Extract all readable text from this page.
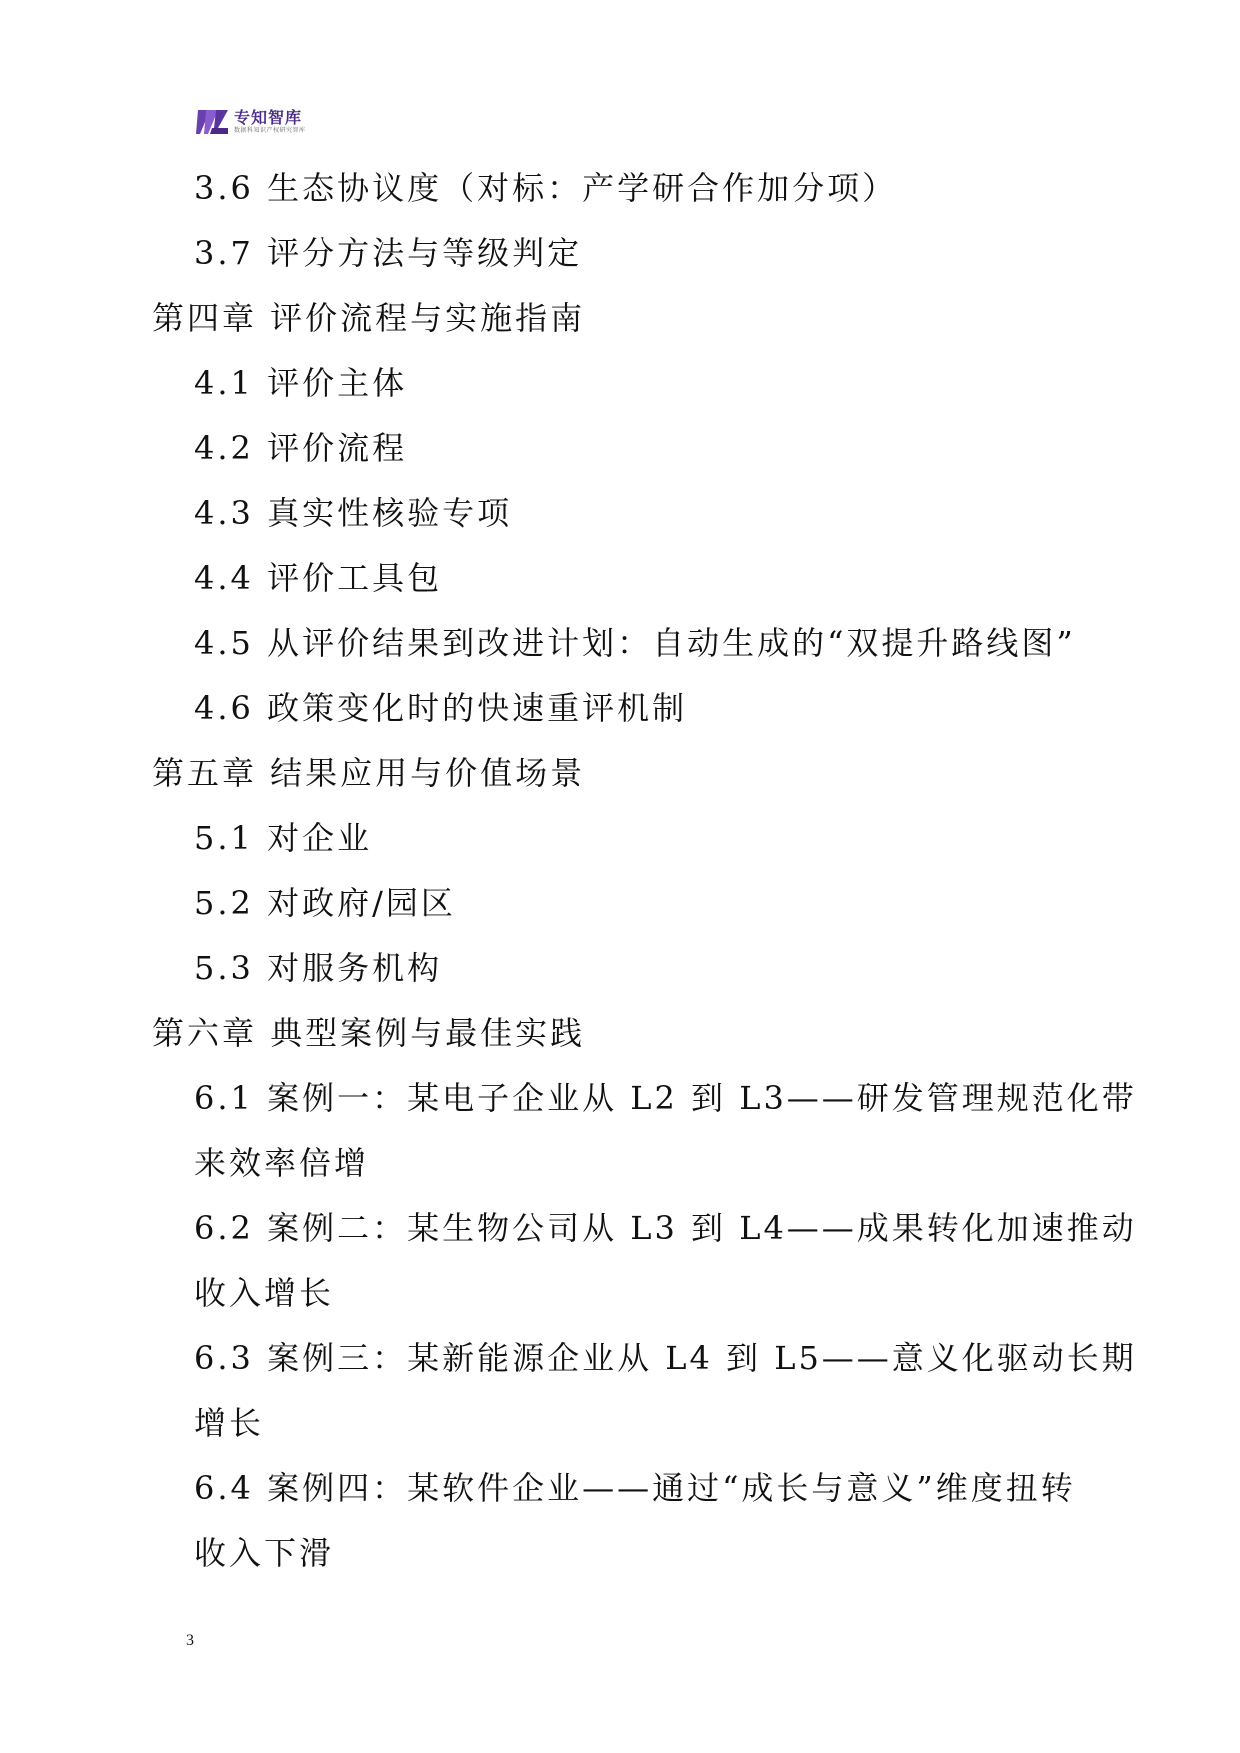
专知智库
数据科知识产权研究智库
3.6 生态协议度（对标：产学研合作加分项）
3.7 评分方法与等级判定
第四章 评价流程与实施指南
4.1 评价主体
4.2 评价流程
4.3 真实性核验专项
4.4 评价工具包
4.5 从评价结果到改进计划：自动生成的“双提升路线图”
4.6 政策变化时的快速重评机制
第五章 结果应用与价值场景
5.1 对企业
5.2 对政府/园区
5.3 对服务机构
第六章 典型案例与最佳实践
6.1 案例一：某电子企业从 L2 到 L3——研发管理规范化带
来效率倍增
6.2 案例二：某生物公司从 L3 到 L4——成果转化加速推动
收入增长
6.3 案例三：某新能源企业从 L4 到 L5——意义化驱动长期
增长
6.4 案例四：某软件企业——通过“成长与意义”维度扭转
收入下滑
3
